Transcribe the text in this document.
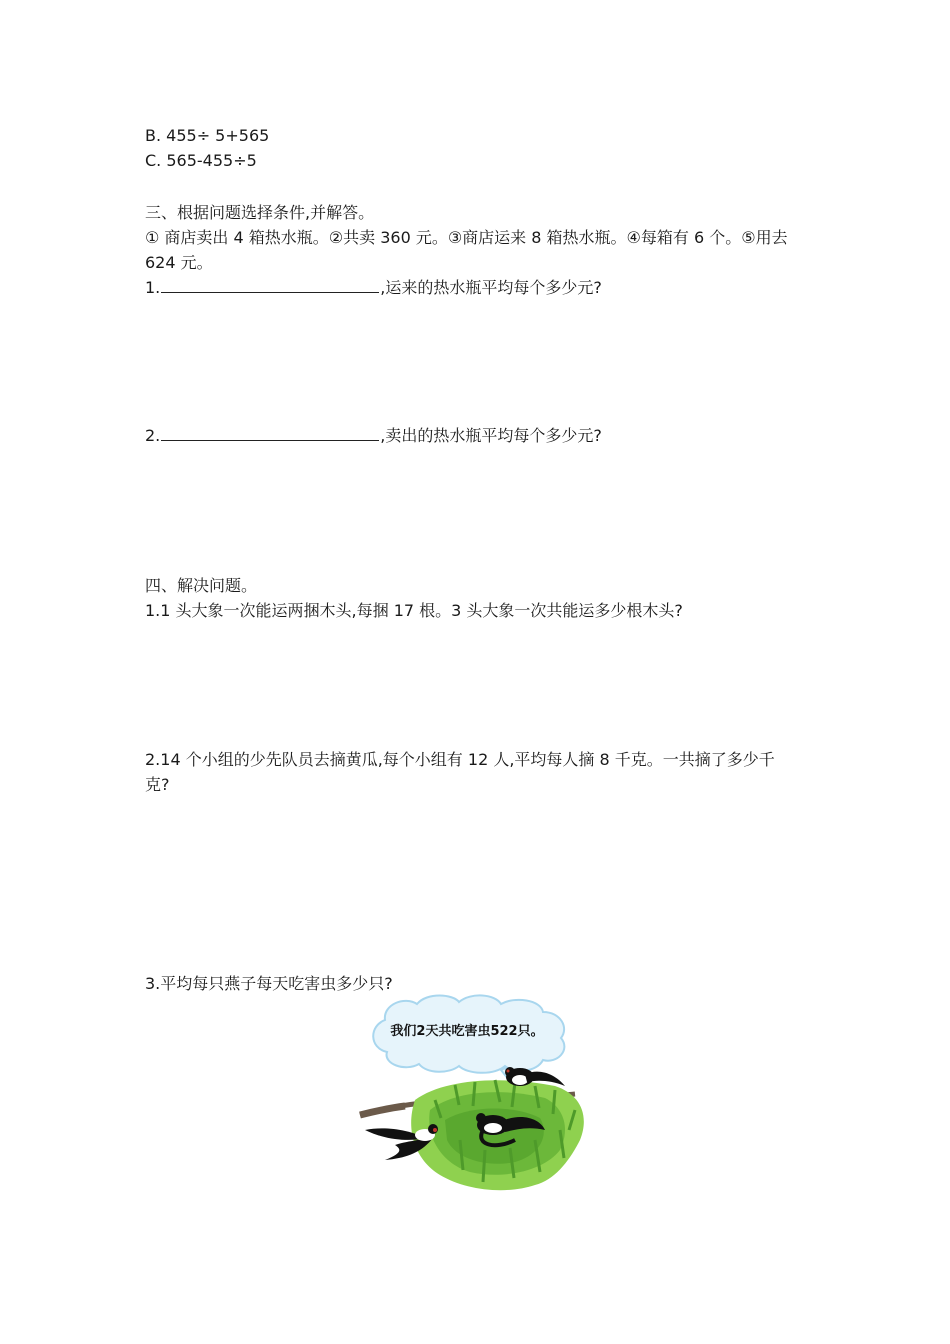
B. 455÷ 5+565
C. 565-455÷5
三、根据问题选择条件,并解答。
① 商店卖出 4 箱热水瓶。②共卖 360 元。③商店运来 8 箱热水瓶。④每箱有 6 个。⑤用去
624 元。
1.	,运来的热水瓶平均每个多少元?
2.	,卖出的热水瓶平均每个多少元?
四、解决问题。
1.1 头大象一次能运两捆木头,每捆 17 根。3 头大象一次共能运多少根木头?
2.14 个小组的少先队员去摘黄瓜,每个小组有 12 人,平均每人摘 8 千克。一共摘了多少千
克?
3.平均每只燕子每天吃害虫多少只?
我们2天共吃害虫522只。
